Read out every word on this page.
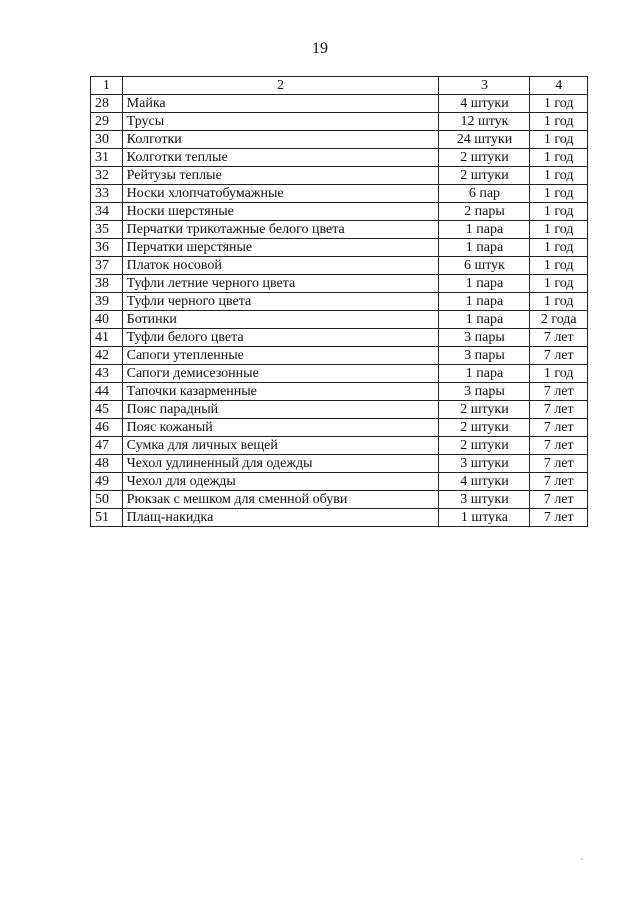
19
1	2	3	4
28	Майка	4 штуки	1 год
29	Трусы	12 штук	1 год
30	Колготки	24 штуки	1 год
31	Колготки теплые	2 штуки	1 год
32	Рейтузы теплые	2 штуки	1 год
33	Носки хлопчатобумажные	6 пар	1 год
34	Носки шерстяные	2 пары	1 год
35	Перчатки трикотажные белого цвета	1 пара	1 год
36	Перчатки шерстяные	1 пара	1 год
37	Платок носовой	6 штук	1 год
38	Туфли летние черного цвета	1 пара	1 год
39	Туфли черного цвета	1 пара	1 год
40	Ботинки	1 пара	2 года
41	Туфли белого цвета	3 пары	7 лет
42	Сапоги утепленные	3 пары	7 лет
43	Сапоги демисезонные	1 пара	1 год
44	Тапочки казарменные	3 пары	7 лет
45	Пояс парадный	2 штуки	7 лет
46	Пояс кожаный	2 штуки	7 лет
47	Сумка для личных вещей	2 штуки	7 лет
48	Чехол удлиненный для одежды	3 штуки	7 лет
49	Чехол для одежды	4 штуки	7 лет
50	Рюкзак с мешком для сменной обуви	3 штуки	7 лет
51	Плащ-накидка	1 штука	7 лет
`
